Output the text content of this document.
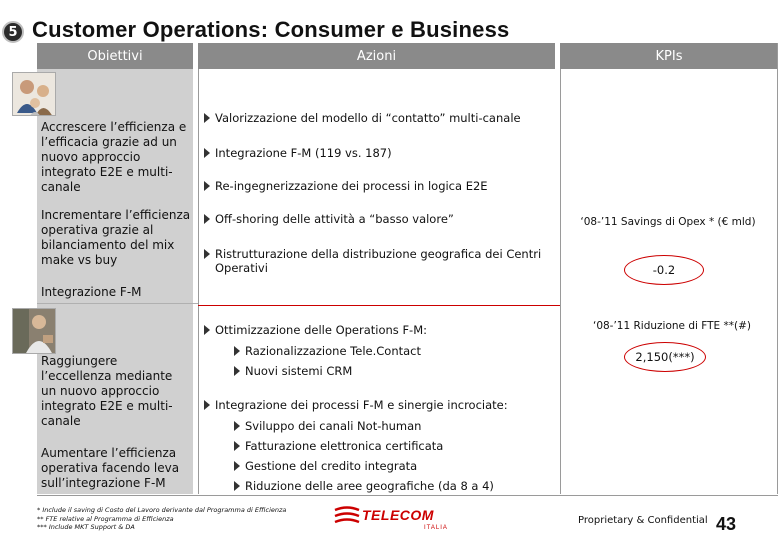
5 Customer Operations: Consumer e Business
Obiettivi	Azioni	KPIs
Accrescere l’efficienza e l’efficacia grazie ad un nuovo approccio integrato E2E e multi-canale
Incrementare l’efficienza operativa grazie al bilanciamento del mix make vs buy
Valorizzazione del modello di “contatto” multi-canale
Integrazione F-M (119 vs. 187)
Re-ingegnerizzazione dei processi in logica E2E
Off-shoring delle attività a “basso valore”
Ristrutturazione della distribuzione geografica dei Centri Operativi
‘08-’11 Savings di Opex * (€ mld)
-0.2
Integrazione F-M
Raggiungere l’eccellenza mediante un nuovo approccio integrato E2E e multi-canale
Aumentare l’efficienza operativa facendo leva sull’integrazione F-M
Ottimizzazione delle Operations F-M:
Razionalizzazione Tele.Contact
Nuovi sistemi CRM
Integrazione dei processi F-M e sinergie incrociate:
Sviluppo dei canali Not-human
Fatturazione elettronica certificata
Gestione del credito integrata
Riduzione delle aree geografiche (da 8 a 4)
‘08-’11 Riduzione di FTE **(#)
2,150(***)
* Include il saving di Costo del Lavoro derivante dal Programma di Efficienza
** FTE relative al Programma di Efficienza
*** Include MKT Support & DA
TELECOM
ITALIA
Proprietary & Confidential 43
